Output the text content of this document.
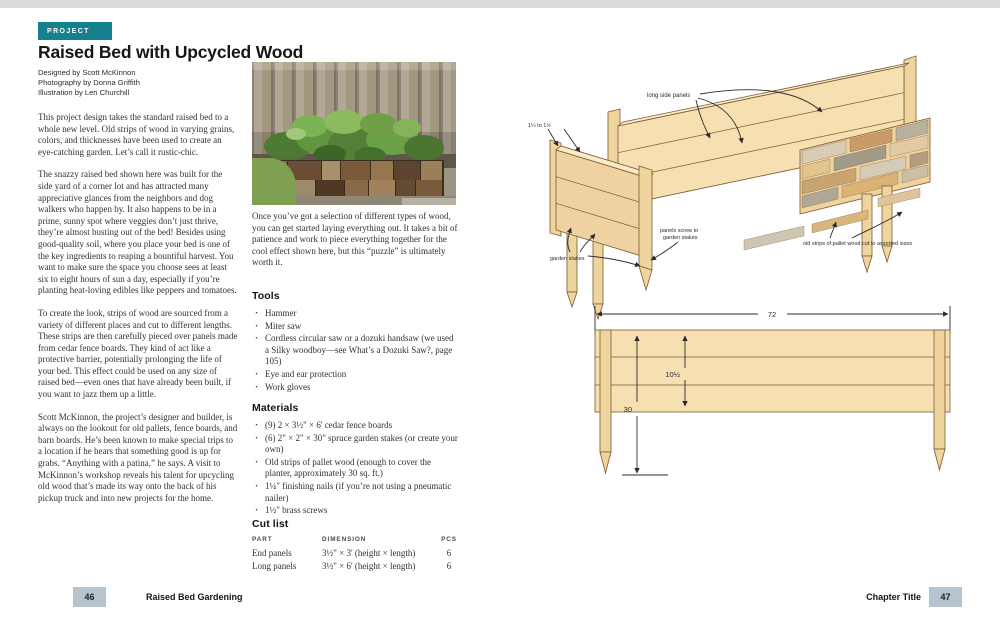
PROJECT
Raised Bed with Upcycled Wood
Designed by Scott McKinnon
Photography by Donna Griffith
Illustration by Len Churchill

This project design takes the standard raised bed to a whole new level. Old strips of wood in varying grains, colors, and thicknesses have been used to create an eye-catching garden. Let’s call it rustic-chic.

The snazzy raised bed shown here was built for the side yard of a corner lot and has attracted many appreciative glances from the neighbors and dog walkers who happen by. It also happens to be in a prime, sunny spot where veggies don’t just thrive, they’re almost busting out of the bed! Besides using good-quality soil, where you place your bed is one of the key ingredients to reaping a bountiful harvest. You want to make sure the space you choose sees at least six to eight hours of sun a day, especially if you’re planting heat-loving edibles like peppers and tomatoes.

To create the look, strips of wood are sourced from a variety of different places and cut to different lengths. These strips are then carefully pieced over panels made from cedar fence boards. They kind of act like a protective barrier, potentially prolonging the life of your bed. This effect could be used on any size of raised bed—even ones that have already been built, if you want to jazz them up a little.

Scott McKinnon, the project’s designer and builder, is always on the lookout for old pallets, fence boards, and barn boards. He’s been known to make special trips to a location if he hears that something good is up for grabs. “Anything with a patina,” he says. A visit to McKinnon’s workshop reveals his talent for upcycling old wood that’s made its way onto the back of his pickup truck and into new projects for the home.

Once you’ve got a selection of different types of wood, you can get started laying everything out. It takes a bit of patience and work to piece everything together for the cool effect shown here, but this “puzzle” is ultimately worth it.

Tools
· Hammer
· Miter saw
· Cordless circular saw or a dozuki handsaw (we used a Silky woodboy—see What’s a Dozuki Saw?, page 105)
· Eye and ear protection
· Work gloves
Materials
· (9) 2 × 3½" × 6' cedar fence boards
· (6) 2" × 2" × 30" spruce garden stakes (or create your own)
· Old strips of pallet wood (enough to cover the planter, approximately 30 sq. ft.)
· 1¼" finishing nails (if you’re not using a pneumatic nailer)
· 1½" brass screws
Cut list
PART	DIMENSION	PCS
End panels	3½" × 3' (height × length)	6
Long panels	3½" × 6' (height × length)	6
46	Raised Bed Gardening	Chapter Title	47
long side panels
1¼ to 1½
garden stakes
panels screw to
garden stakes
old strips of pallet wood cut to assorted sizes
72
10½
30
